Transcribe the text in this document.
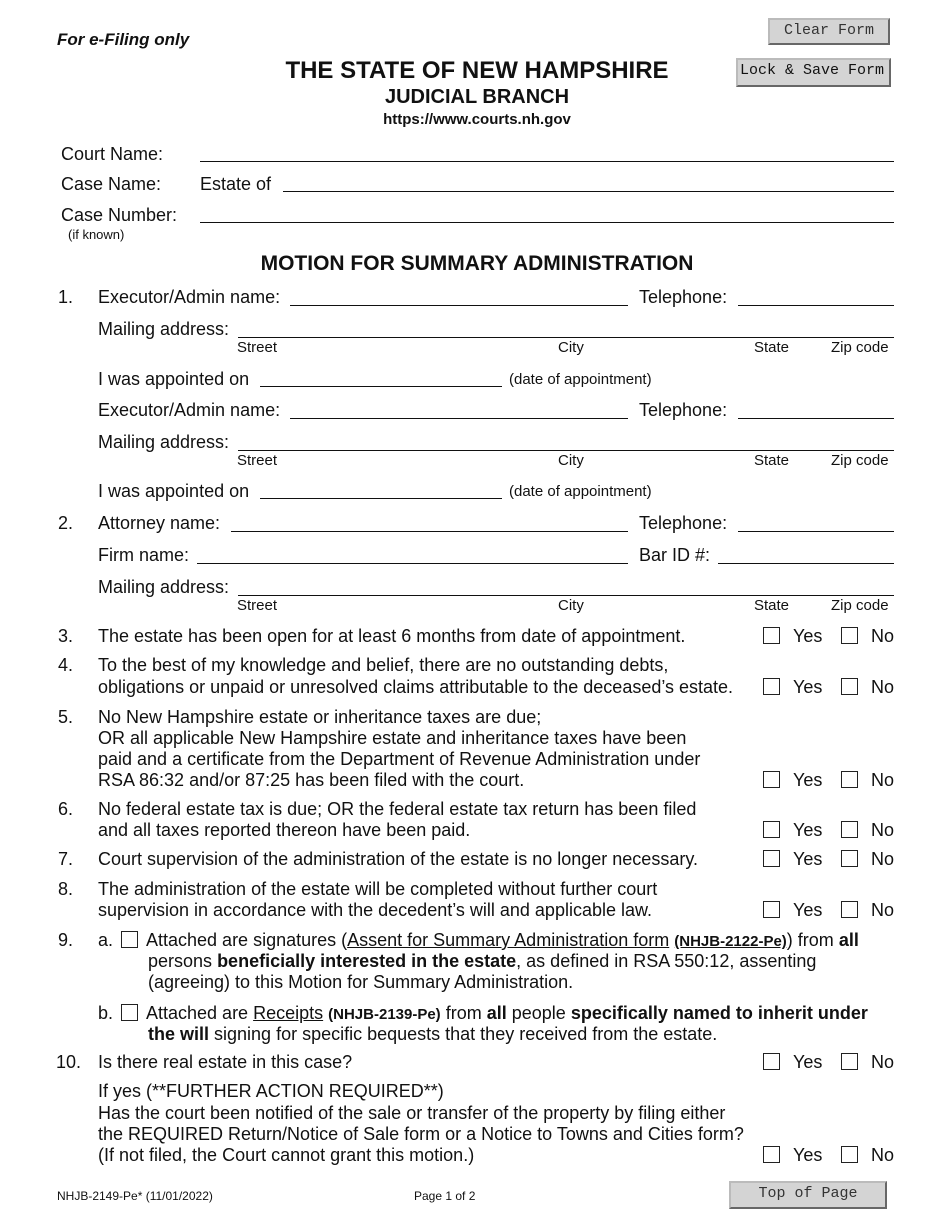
For e-Filing only
THE STATE OF NEW HAMPSHIRE
JUDICIAL BRANCH
https://www.courts.nh.gov
Clear Form
Lock & Save Form
Court Name:
Case Name: Estate of
Case Number:
(if known)
MOTION FOR SUMMARY ADMINISTRATION
1. Executor/Admin name:	Telephone:
Mailing address:
Street	City	State	Zip code
I was appointed on	(date of appointment)
Executor/Admin name:	Telephone:
Mailing address:
Street	City	State	Zip code
I was appointed on	(date of appointment)
2. Attorney name:	Telephone:
Firm name:	Bar ID #:
Mailing address:
Street	City	State	Zip code
3. The estate has been open for at least 6 months from date of appointment.	Yes	No
4. To the best of my knowledge and belief, there are no outstanding debts,
obligations or unpaid or unresolved claims attributable to the deceased’s estate.	Yes	No
5. No New Hampshire estate or inheritance taxes are due;
OR all applicable New Hampshire estate and inheritance taxes have been
paid and a certificate from the Department of Revenue Administration under
RSA 86:32 and/or 87:25 has been filed with the court.	Yes	No
6. No federal estate tax is due; OR the federal estate tax return has been filed
and all taxes reported thereon have been paid.	Yes	No
7. Court supervision of the administration of the estate is no longer necessary.	Yes	No
8. The administration of the estate will be completed without further court
supervision in accordance with the decedent’s will and applicable law.	Yes	No
9. a. Attached are signatures (Assent for Summary Administration form (NHJB-2122-Pe)) from all
persons beneficially interested in the estate, as defined in RSA 550:12, assenting
(agreeing) to this Motion for Summary Administration.
b. Attached are Receipts (NHJB-2139-Pe) from all people specifically named to inherit under
the will signing for specific bequests that they received from the estate.
10. Is there real estate in this case?	Yes	No
If yes (**FURTHER ACTION REQUIRED**)
Has the court been notified of the sale or transfer of the property by filing either
the REQUIRED Return/Notice of Sale form or a Notice to Towns and Cities form?
(If not filed, the Court cannot grant this motion.)	Yes	No
NHJB-2149-Pe* (11/01/2022)	Page 1 of 2	Top of Page
